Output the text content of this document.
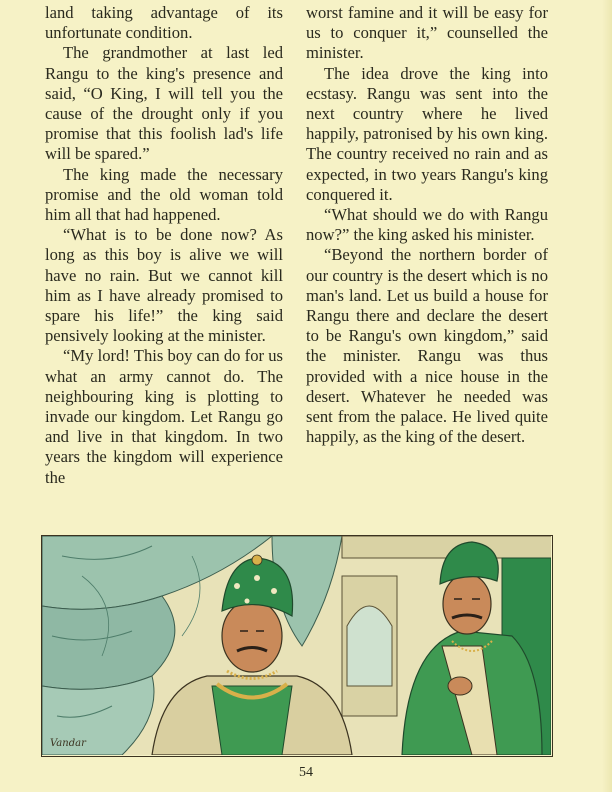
land taking advantage of its unfortunate condition.

The grandmother at last led Rangu to the king's presence and said, “O King, I will tell you the cause of the drought only if you promise that this foolish lad's life will be spared.”

The king made the necessary promise and the old woman told him all that had happened.

“What is to be done now? As long as this boy is alive we will have no rain. But we cannot kill him as I have already promised to spare his life!” the king said pensively looking at the minister.

“My lord! This boy can do for us what an army cannot do. The neighbouring king is plotting to invade our kingdom. Let Rangu go and live in that kingdom. In two years the kingdom will experience the

worst famine and it will be easy for us to conquer it,” counselled the minister.

The idea drove the king into ecstasy. Rangu was sent into the next country where he lived happily, patronised by his own king. The country received no rain and as expected, in two years Rangu's king conquered it.

“What should we do with Rangu now?” the king asked his minister.

“Beyond the northern border of our country is the desert which is no man's land. Let us build a house for Rangu there and declare the desert to be Rangu's own kingdom,” said the minister. Rangu was thus provided with a nice house in the desert. Whatever he needed was sent from the palace. He lived quite happily, as the king of the desert.

Vandar
54
